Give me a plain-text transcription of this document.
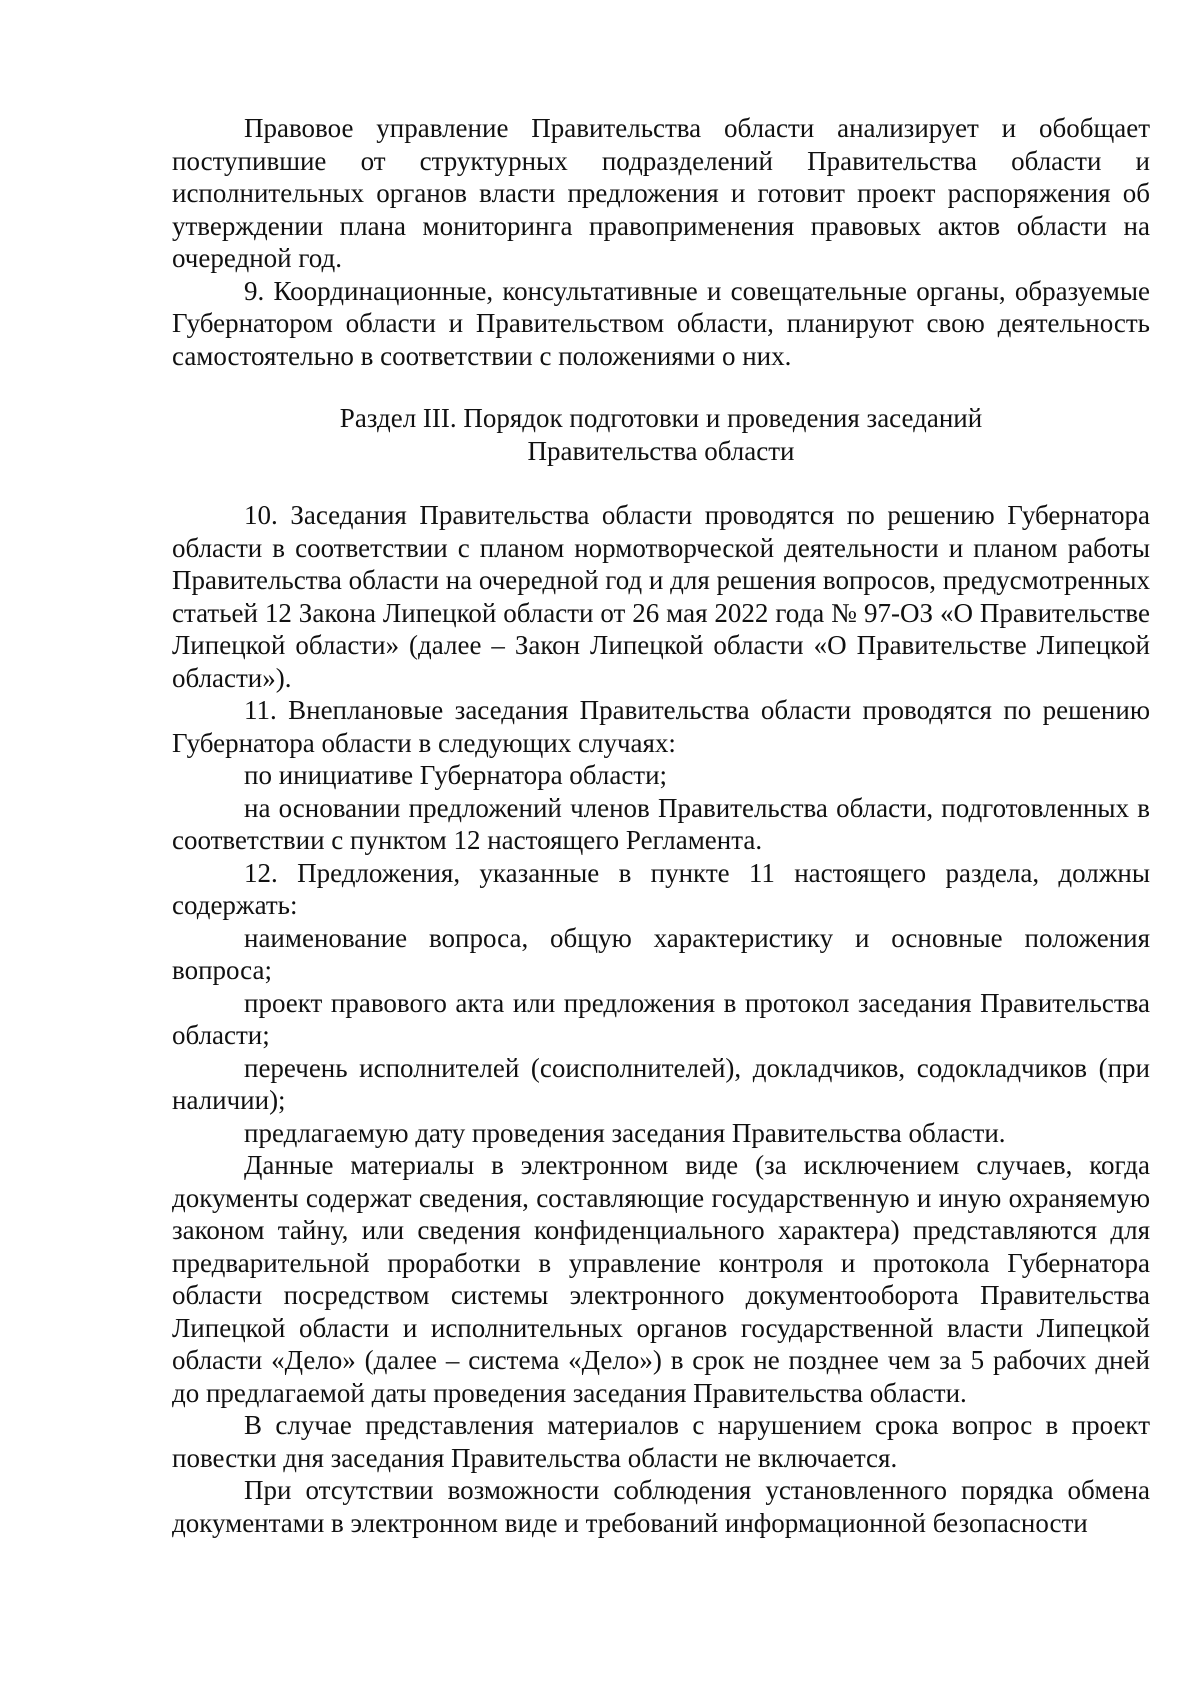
Правовое управление Правительства области анализирует и обобщает поступившие от структурных подразделений Правительства области и исполнительных органов власти предложения и готовит проект распоряжения об утверждении плана мониторинга правоприменения правовых актов области на очередной год.

9. Координационные, консультативные и совещательные органы, образуемые Губернатором области и Правительством области, планируют свою деятельность самостоятельно в соответствии с положениями о них.

Раздел III. Порядок подготовки и проведения заседаний

Правительства области

10. Заседания Правительства области проводятся по решению Губернатора области в соответствии с планом нормотворческой деятельности и планом работы Правительства области на очередной год и для решения вопросов, предусмотренных статьей 12 Закона Липецкой области от 26 мая 2022 года № 97-ОЗ «О Правительстве Липецкой области» (далее – Закон Липецкой области «О Правительстве Липецкой области»).

11. Внеплановые заседания Правительства области проводятся по решению Губернатора области в следующих случаях:

по инициативе Губернатора области;

на основании предложений членов Правительства области, подготовленных в соответствии с пунктом 12 настоящего Регламента.

12. Предложения, указанные в пункте 11 настоящего раздела, должны содержать:

наименование вопроса, общую характеристику и основные положения вопроса;

проект правового акта или предложения в протокол заседания Правительства области;

перечень исполнителей (соисполнителей), докладчиков, содокладчиков (при наличии);

предлагаемую дату проведения заседания Правительства области.

Данные материалы в электронном виде (за исключением случаев, когда документы содержат сведения, составляющие государственную и иную охраняемую законом тайну, или сведения конфиденциального характера) представляются для предварительной проработки в управление контроля и протокола Губернатора области посредством системы электронного документооборота Правительства Липецкой области и исполнительных органов государственной власти Липецкой области «Дело» (далее – система «Дело») в срок не позднее чем за 5 рабочих дней до предлагаемой даты проведения заседания Правительства области.

В случае представления материалов с нарушением срока вопрос в проект повестки дня заседания Правительства области не включается.

При отсутствии возможности соблюдения установленного порядка обмена документами в электронном виде и требований информационной безопасности
